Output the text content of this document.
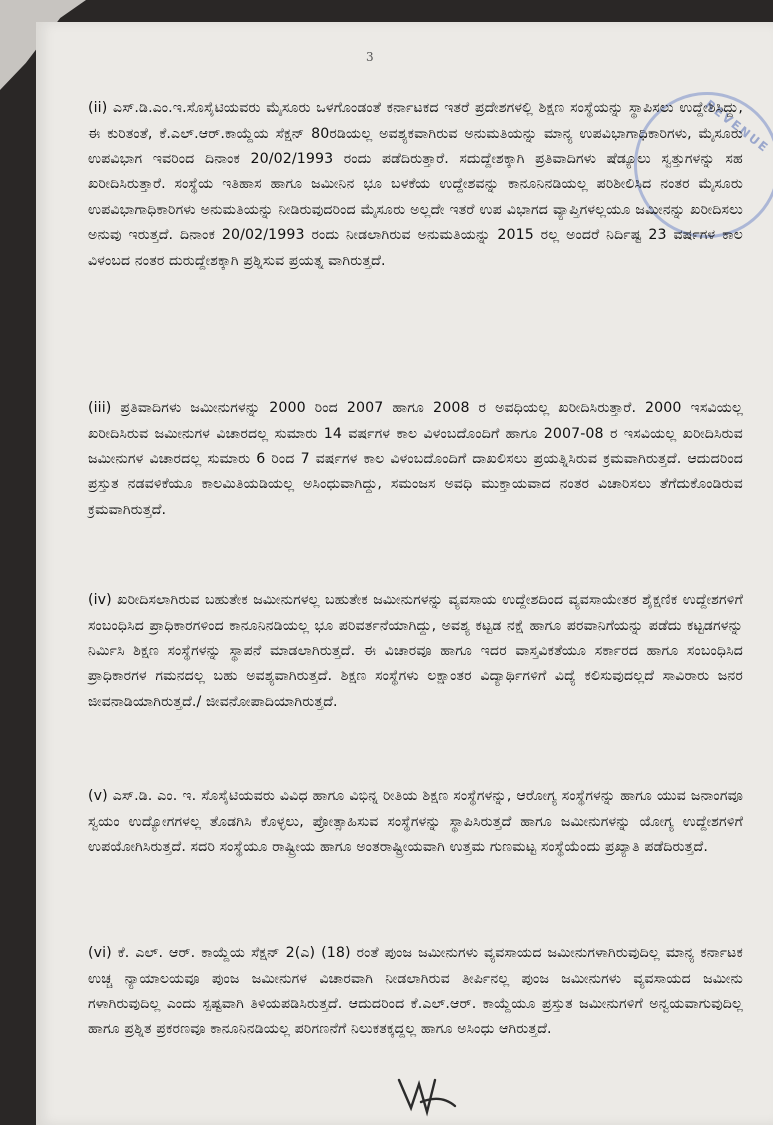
3
REVENUE

(ii) ಎಸ್.ಡಿ.ಎಂ.ಇ.ಸೊಸೈಟಿಯವರು ಮೈಸೂರು ಒಳಗೊಂಡಂತೆ ಕರ್ನಾಟಕದ ಇತರೆ ಪ್ರದೇಶಗಳಲ್ಲಿ ಶಿಕ್ಷಣ ಸಂಸ್ಥೆಯನ್ನು ಸ್ಥಾಪಿಸಲು ಉದ್ದೇಶಿಸಿದ್ದು, ಈ ಕುರಿತಂತೆ, ಕೆ.ಎಲ್.ಆರ್.ಕಾಯ್ದೆಯ ಸೆಕ್ಷನ್ 80ರಡಿಯಲ್ಲ ಅವಶ್ಯಕವಾಗಿರುವ ಅನುಮತಿಯನ್ನು ಮಾನ್ಯ ಉಪವಿಭಾಗಾಧಿಕಾರಿಗಳು, ಮೈಸೂರು ಉಪವಿಭಾಗ ಇವರಿಂದ ದಿನಾಂಕ 20/02/1993 ರಂದು ಪಡೆದಿರುತ್ತಾರೆ. ಸದುದ್ದೇಶಕ್ಕಾಗಿ ಪ್ರತಿವಾದಿಗಳು ಷೆಡ್ಯೂಲು ಸ್ವತ್ತುಗಳನ್ನು ಸಹ ಖರೀದಿಸಿರುತ್ತಾರೆ. ಸಂಸ್ಥೆಯ ಇತಿಹಾಸ ಹಾಗೂ ಜಮೀನಿನ ಭೂ ಬಳಕೆಯ ಉದ್ದೇಶವನ್ನು ಕಾನೂನಿನಡಿಯಲ್ಲ ಪರಿಶೀಲಿಸಿದ ನಂತರ ಮೈಸೂರು ಉಪವಿಭಾಗಾಧಿಕಾರಿಗಳು ಅನುಮತಿಯನ್ನು ನೀಡಿರುವುದರಿಂದ ಮೈಸೂರು ಅಲ್ಲದೇ ಇತರೆ ಉಪ ವಿಭಾಗದ ವ್ಯಾಪ್ತಿಗಳಲ್ಲಯೂ ಜಮೀನನ್ನು ಖರೀದಿಸಲು ಅನುವು ಇರುತ್ತದೆ. ದಿನಾಂಕ 20/02/1993 ರಂದು ನೀಡಲಾಗಿರುವ ಅನುಮತಿಯನ್ನು 2015 ರಲ್ಲ ಅಂದರೆ ನಿರ್ದಿಷ್ಟ 23 ವರ್ಷಗಳ ಕಾಲ ವಿಳಂಬದ ನಂತರ ದುರುದ್ದೇಶಕ್ಕಾಗಿ ಪ್ರಶ್ನಿಸುವ ಪ್ರಯತ್ನ ವಾಗಿರುತ್ತದೆ.

(iii) ಪ್ರತಿವಾದಿಗಳು ಜಮೀನುಗಳನ್ನು 2000 ರಿಂದ 2007 ಹಾಗೂ 2008 ರ ಅವಧಿಯಲ್ಲ ಖರೀದಿಸಿರುತ್ತಾರೆ. 2000 ಇಸವಿಯಲ್ಲ ಖರೀದಿಸಿರುವ ಜಮೀನುಗಳ ವಿಚಾರದಲ್ಲ ಸುಮಾರು 14 ವರ್ಷಗಳ ಕಾಲ ವಿಳಂಬದೊಂದಿಗೆ ಹಾಗೂ 2007-08 ರ ಇಸವಿಯಲ್ಲ ಖರೀದಿಸಿರುವ ಜಮೀನುಗಳ ವಿಚಾರದಲ್ಲ ಸುಮಾರು 6 ರಿಂದ 7 ವರ್ಷಗಳ ಕಾಲ ವಿಳಂಬದೊಂದಿಗೆ ದಾಖಲಿಸಲು ಪ್ರಯತ್ನಿಸಿರುವ ಕ್ರಮವಾಗಿರುತ್ತದೆ. ಆದುದರಿಂದ ಪ್ರಸ್ತುತ ನಡವಳಿಕೆಯೂ ಕಾಲಮಿತಿಯಡಿಯಲ್ಲ ಅಸಿಂಧುವಾಗಿದ್ದು, ಸಮಂಜಸ ಅವಧಿ ಮುಕ್ತಾಯವಾದ ನಂತರ ವಿಚಾರಿಸಲು ತೆಗೆದುಕೊಂಡಿರುವ ಕ್ರಮವಾಗಿರುತ್ತದೆ.

(iv) ಖರೀದಿಸಲಾಗಿರುವ ಬಹುತೇಕ ಜಮೀನುಗಳಲ್ಲ ಬಹುತೇಕ ಜಮೀನುಗಳನ್ನು ವ್ಯವಸಾಯ ಉದ್ದೇಶದಿಂದ ವ್ಯವಸಾಯೇತರ ಶೈಕ್ಷಣಿಕ ಉದ್ದೇಶಗಳಿಗೆ ಸಂಬಂಧಿಸಿದ ಪ್ರಾಧಿಕಾರಗಳಿಂದ ಕಾನೂನಿನಡಿಯಲ್ಲ ಭೂ ಪರಿವರ್ತನೆಯಾಗಿದ್ದು, ಅವಶ್ಯ ಕಟ್ಟಡ ನಕ್ಷೆ ಹಾಗೂ ಪರವಾನಿಗೆಯನ್ನು ಪಡೆದು ಕಟ್ಟಡಗಳನ್ನು ನಿರ್ಮಿಸಿ ಶಿಕ್ಷಣ ಸಂಸ್ಥೆಗಳನ್ನು ಸ್ಥಾಪನೆ ಮಾಡಲಾಗಿರುತ್ತದೆ. ಈ ವಿಚಾರವೂ ಹಾಗೂ ಇದರ ವಾಸ್ತವಿಕತೆಯೂ ಸರ್ಕಾರದ ಹಾಗೂ ಸಂಬಂಧಿಸಿದ ಪ್ರಾಧಿಕಾರಗಳ ಗಮನದಲ್ಲ ಬಹು ಅವಶ್ಯವಾಗಿರುತ್ತದೆ. ಶಿಕ್ಷಣ ಸಂಸ್ಥೆಗಳು ಲಕ್ಷಾಂತರ ವಿದ್ಯಾರ್ಥಿಗಳಿಗೆ ವಿದ್ಯೆ ಕಲಿಸುವುದಲ್ಲದೆ ಸಾವಿರಾರು ಜನರ ಜೀವನಾಡಿಯಾಗಿರುತ್ತದೆ./ ಜೀವನೋಪಾದಿಯಾಗಿರುತ್ತದೆ.

(v) ಎಸ್.ಡಿ. ಎಂ. ಇ. ಸೊಸೈಟಿಯವರು ವಿವಿಧ ಹಾಗೂ ವಿಭಿನ್ನ ರೀತಿಯ ಶಿಕ್ಷಣ ಸಂಸ್ಥೆಗಳನ್ನು, ಆರೋಗ್ಯ ಸಂಸ್ಥೆಗಳನ್ನು ಹಾಗೂ ಯುವ ಜನಾಂಗವೂ ಸ್ವಯಂ ಉದ್ಯೋಗಗಳಲ್ಲ ತೊಡಗಿಸಿ ಕೊಳ್ಳಲು, ಪ್ರೋತ್ಸಾಹಿಸುವ ಸಂಸ್ಥೆಗಳನ್ನು ಸ್ಥಾಪಿಸಿರುತ್ತದೆ ಹಾಗೂ ಜಮೀನುಗಳನ್ನು ಯೋಗ್ಯ ಉದ್ದೇಶಗಳಿಗೆ ಉಪಯೋಗಿಸಿರುತ್ತದೆ. ಸದರಿ ಸಂಸ್ಥೆಯೂ ರಾಷ್ಟ್ರೀಯ ಹಾಗೂ ಅಂತರಾಷ್ಟ್ರೀಯವಾಗಿ ಉತ್ತಮ ಗುಣಮಟ್ಟ ಸಂಸ್ಥೆಯೆಂದು ಪ್ರಖ್ಯಾತಿ ಪಡೆದಿರುತ್ತದೆ.

(vi) ಕೆ. ಎಲ್. ಆರ್. ಕಾಯ್ದೆಯ ಸೆಕ್ಷನ್ 2(ಎ) (18) ರಂತೆ ಪುಂಜ ಜಮೀನುಗಳು ವ್ಯವಸಾಯದ ಜಮೀನುಗಳಾಗಿರುವುದಿಲ್ಲ ಮಾನ್ಯ ಕರ್ನಾಟಕ ಉಚ್ಚ ನ್ಯಾಯಾಲಯವೂ ಪುಂಜ ಜಮೀನುಗಳ ವಿಚಾರವಾಗಿ ನೀಡಲಾಗಿರುವ ತೀರ್ಪಿನಲ್ಲ ಪುಂಜ ಜಮೀನುಗಳು ವ್ಯವಸಾಯದ ಜಮೀನು ಗಳಾಗಿರುವುದಿಲ್ಲ ಎಂದು ಸ್ಪಷ್ಟವಾಗಿ ತಿಳಿಯಪಡಿಸಿರುತ್ತದೆ. ಆದುದರಿಂದ ಕೆ.ಎಲ್.ಆರ್. ಕಾಯ್ದೆಯೂ ಪ್ರಸ್ತುತ ಜಮೀನುಗಳಿಗೆ ಅನ್ವಯವಾಗುವುದಿಲ್ಲ ಹಾಗೂ ಪ್ರಶ್ನಿತ ಪ್ರಕರಣವೂ ಕಾನೂನಿನಡಿಯಲ್ಲ ಪರಿಗಣನೆಗೆ ನಿಲುಕತಕ್ಕದ್ದಲ್ಲ ಹಾಗೂ ಅಸಿಂಧು ಆಗಿರುತ್ತದೆ.
